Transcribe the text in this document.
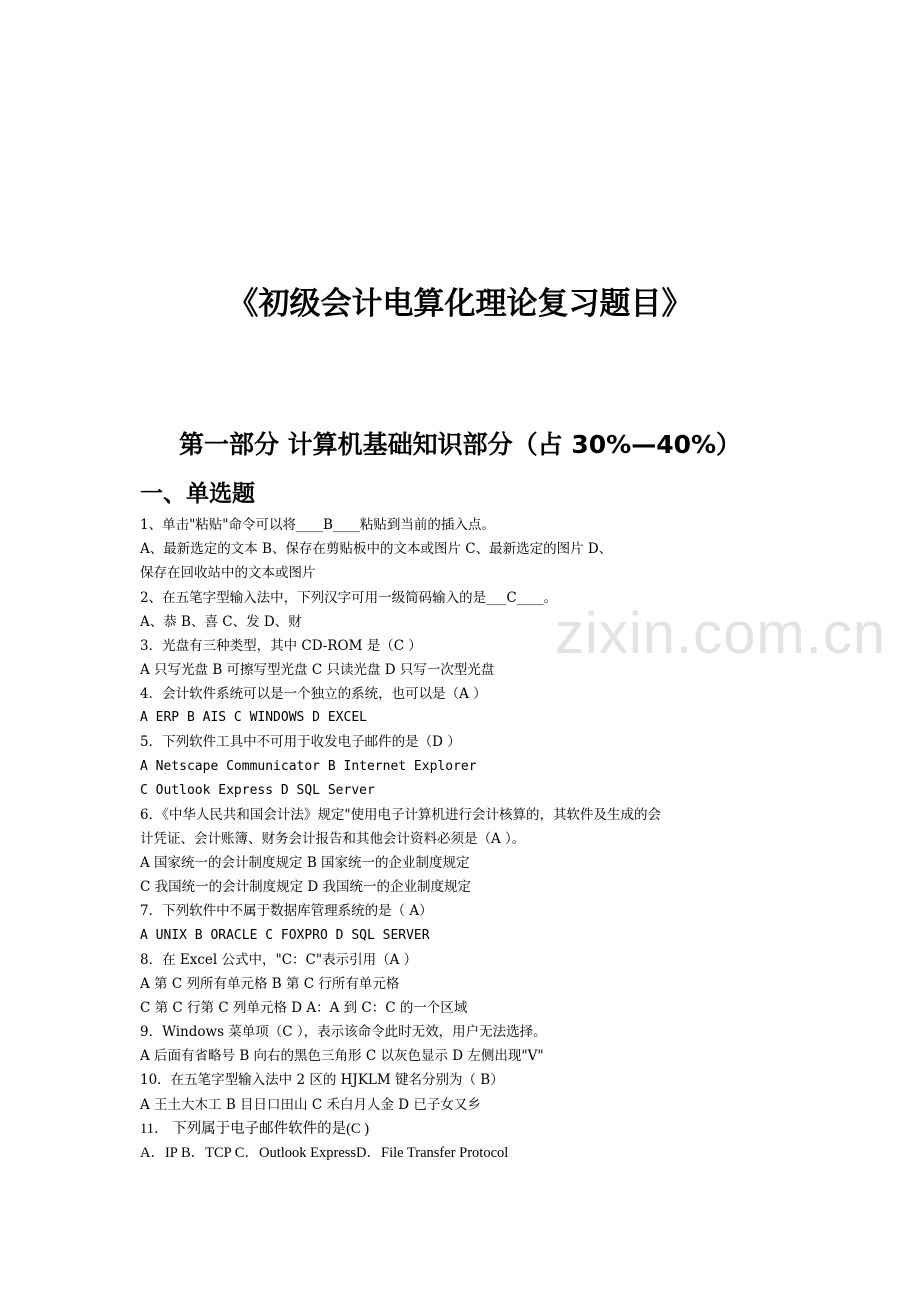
zixin.com.cn
《初级会计电算化理论复习题目》
第一部分 计算机基础知识部分（占 30%—40%）
一、单选题
1、单击"粘贴"命令可以将____B____粘贴到当前的插入点。
A、最新选定的文本 B、保存在剪贴板中的文本或图片 C、最新选定的图片 D、
保存在回收站中的文本或图片
2、在五笔字型输入法中，下列汉字可用一级简码输入的是___C____。
A、恭 B、喜 C、发 D、财
3．光盘有三种类型，其中 CD-ROM 是（C ）
A 只写光盘 B 可擦写型光盘 C 只读光盘 D 只写一次型光盘
4．会计软件系统可以是一个独立的系统，也可以是（A ）
A ERP B AIS C WINDOWS D EXCEL
5．下列软件工具中不可用于收发电子邮件的是（D ）
A Netscape Communicator B Internet Explorer
C Outlook Express D SQL Server
6．《中华人民共和国会计法》规定"使用电子计算机进行会计核算的，其软件及生成的会
计凭证、会计账簿、财务会计报告和其他会计资料必须是（A ）。
A 国家统一的会计制度规定 B 国家统一的企业制度规定
C 我国统一的会计制度规定 D 我国统一的企业制度规定
7．下列软件中不属于数据库管理系统的是（ A）
A UNIX B ORACLE C FOXPRO D SQL SERVER
8．在 Excel 公式中，"C：C"表示引用（A ）
A 第 C 列所有单元格 B 第 C 行所有单元格
C 第 C 行第 C 列单元格 D A：A 到 C：C 的一个区域
9．Windows 菜单项（C ），表示该命令此时无效，用户无法选择。
A 后面有省略号 B 向右的黑色三角形 C 以灰色显示 D 左侧出现"V"
10．在五笔字型输入法中 2 区的 HJKLM 键名分别为（ B）
A 王土大木工 B 目日口田山 C 禾白月人金 D 已子女又乡
11． 下列属于电子邮件软件的是(C )
A．IP B．TCP C．Outlook ExpressD．File Transfer Protocol
